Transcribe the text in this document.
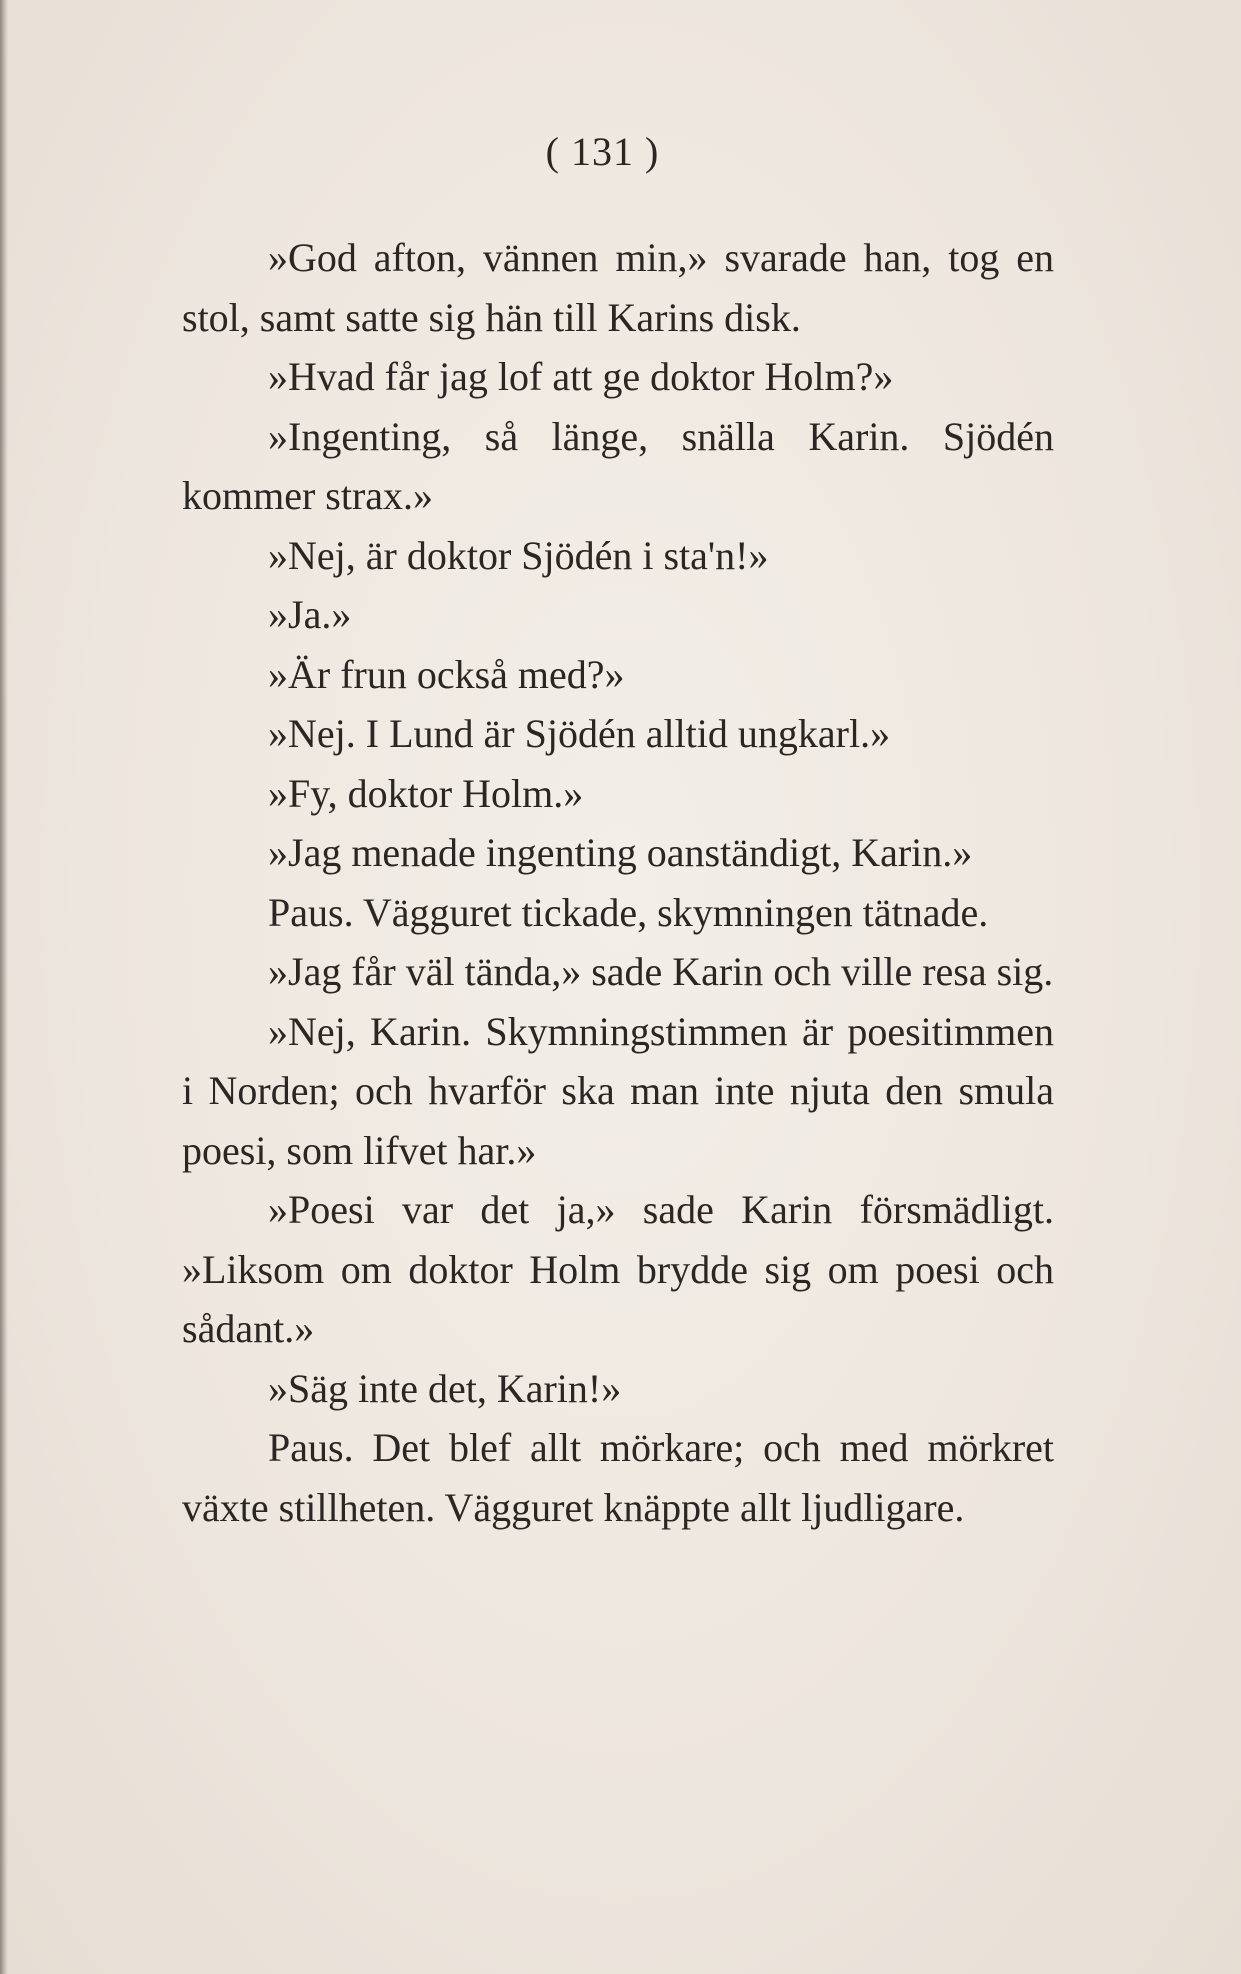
( 131 )

»God afton, vännen min,» svarade han, tog en stol, samt satte sig hän till Karins disk.

»Hvad får jag lof att ge doktor Holm?»

»Ingenting, så länge, snälla Karin. Sjödén kommer strax.»

»Nej, är doktor Sjödén i sta'n!»

»Ja.»

»Är frun också med?»

»Nej. I Lund är Sjödén alltid ungkarl.»

»Fy, doktor Holm.»

»Jag menade ingenting oanständigt, Karin.»

Paus. Vägguret tickade, skymningen tätnade.

»Jag får väl tända,» sade Karin och ville resa sig.

»Nej, Karin. Skymningstimmen är poesitimmen i Norden; och hvarför ska man inte njuta den smula poesi, som lifvet har.»

»Poesi var det ja,» sade Karin försmädligt. »Liksom om doktor Holm brydde sig om poesi och sådant.»

»Säg inte det, Karin!»

Paus. Det blef allt mörkare; och med mörkret växte stillheten. Vägguret knäppte allt ljudligare.
